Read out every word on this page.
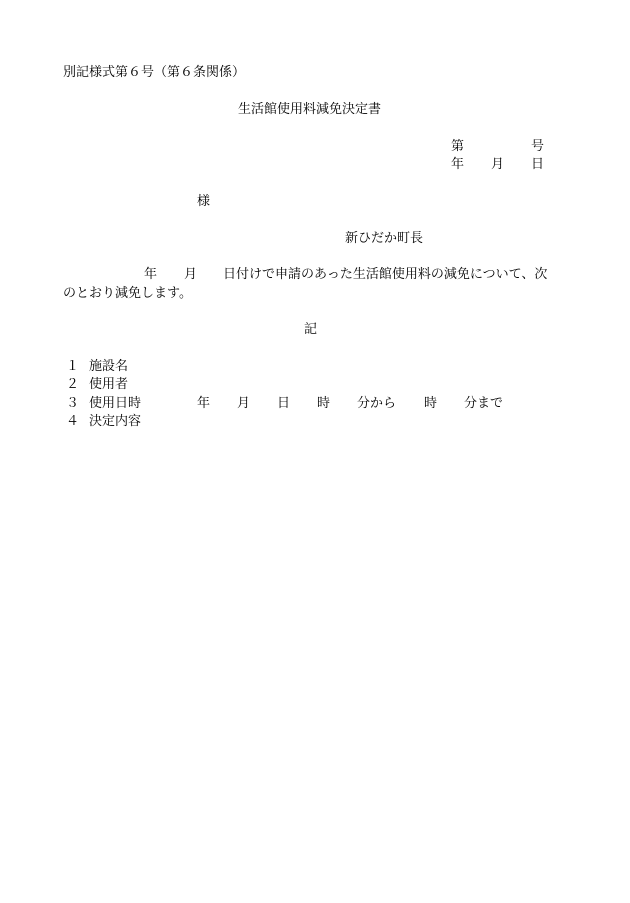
別記様式第６号（第６条関係）
生活館使用料減免決定書
第	号
年 月 日
様
新ひだか町長
年 月 日付けで申請のあった生活館使用料の減免について、次
のとおり減免します。
記
１ 施設名
２ 使用者
３ 使用日時	年 月 日 時 分から 時 分まで
４ 決定内容
